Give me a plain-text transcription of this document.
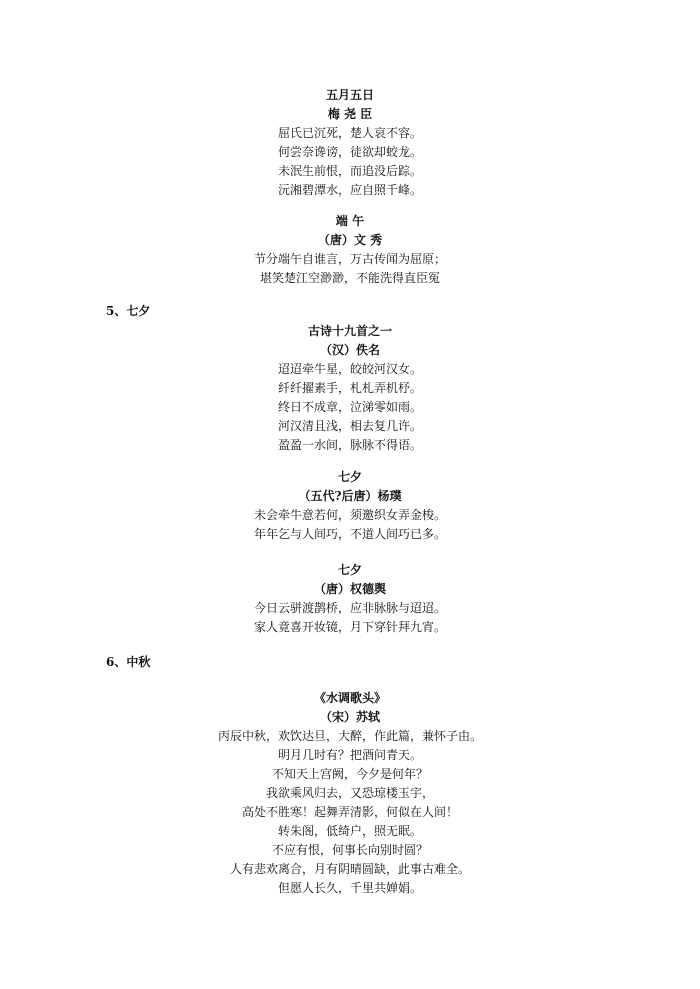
五月五日
梅 尧 臣
屈氏已沉死，楚人哀不容。
何尝奈谗谤，徒欲却蛟龙。
未泯生前恨，而追没后踪。
沅湘碧潭水，应自照千峰。
端 午
（唐）文 秀
节分端午自谁言，万古传闻为屈原；
堪笑楚江空渺渺，不能洗得直臣冤
5、七夕
古诗十九首之一
（汉）佚名
迢迢牵牛星，皎皎河汉女。
纤纤擢素手，札札弄机杼。
终日不成章，泣涕零如雨。
河汉清且浅，相去复几许。
盈盈一水间，脉脉不得语。
七夕
（五代?后唐）杨璞
未会牵牛意若何，须邀织女弄金梭。
年年乞与人间巧，不道人间巧已多。
七夕
（唐）权德舆
今日云骈渡鹊桥，应非脉脉与迢迢。
家人竟喜开妆镜，月下穿针拜九宵。
6、中秋
《水调歌头》
（宋）苏轼
丙辰中秋，欢饮达旦，大醉，作此篇，兼怀子由。
明月几时有？把酒问青天。
不知天上宫阙，今夕是何年？
我欲乘风归去，又恐琼楼玉宇，
高处不胜寒！起舞弄清影，何似在人间！
转朱阁，低绮户，照无眠。
不应有恨，何事长向别时圆？
人有悲欢离合，月有阴晴圆缺，此事古难全。
但愿人长久，千里共婵娟。
